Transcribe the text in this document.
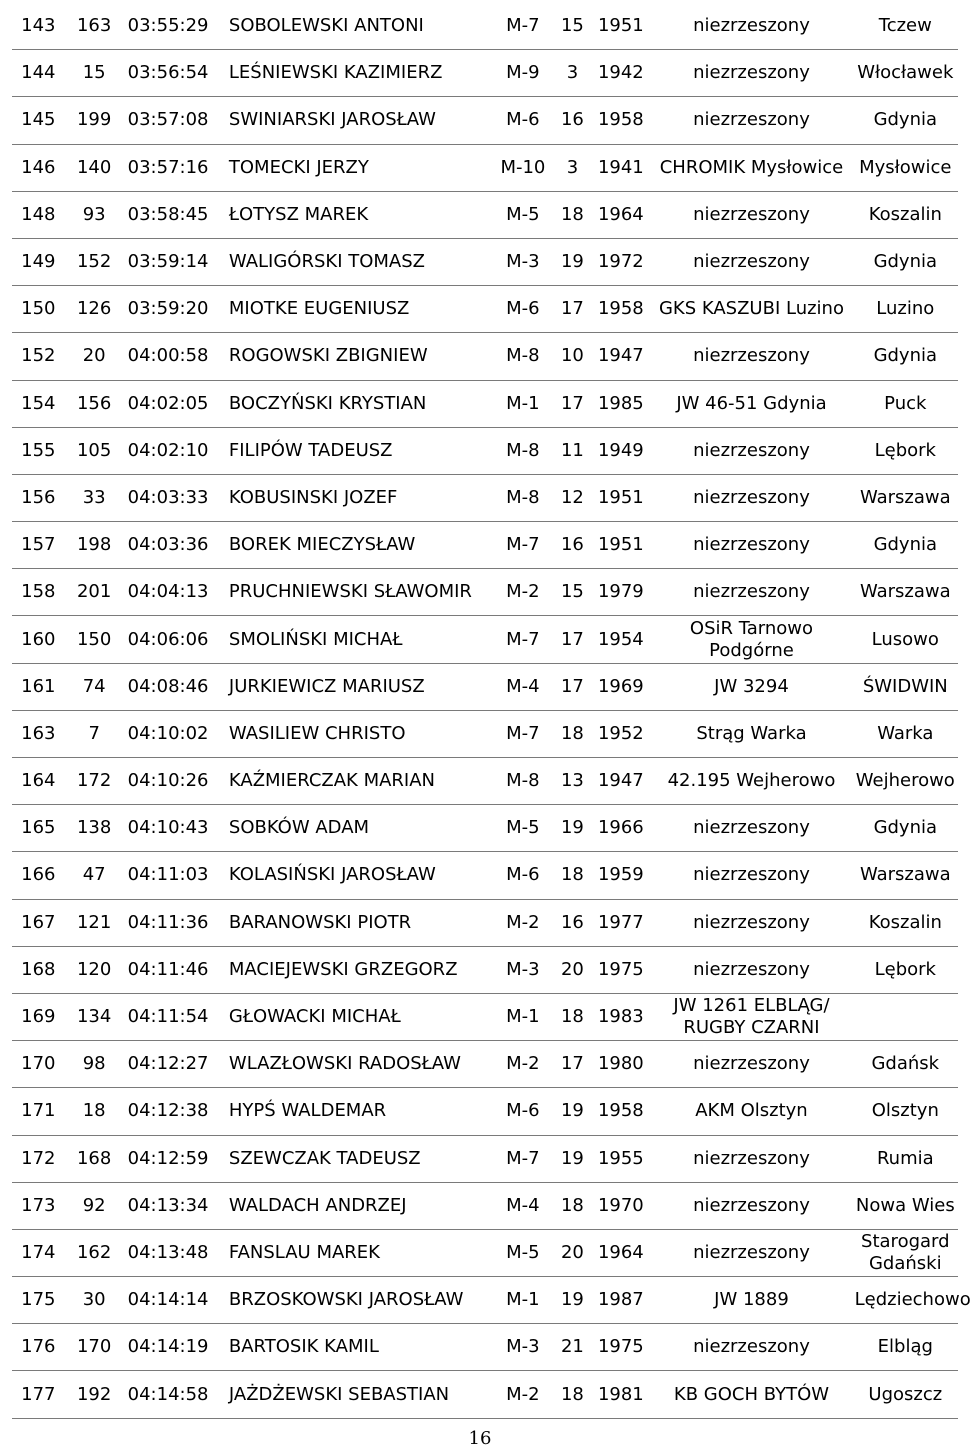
143	163	03:55:29	SOBOLEWSKI ANTONI	M-7	15	1951	niezrzeszony	Tczew
144	15	03:56:54	LEŚNIEWSKI KAZIMIERZ	M-9	3	1942	niezrzeszony	Włocławek
145	199	03:57:08	SWINIARSKI JAROSŁAW	M-6	16	1958	niezrzeszony	Gdynia
146	140	03:57:16	TOMECKI JERZY	M-10	3	1941	CHROMIK Mysłowice	Mysłowice
148	93	03:58:45	ŁOTYSZ MAREK	M-5	18	1964	niezrzeszony	Koszalin
149	152	03:59:14	WALIGÓRSKI TOMASZ	M-3	19	1972	niezrzeszony	Gdynia
150	126	03:59:20	MIOTKE EUGENIUSZ	M-6	17	1958	GKS KASZUBI Luzino	Luzino
152	20	04:00:58	ROGOWSKI ZBIGNIEW	M-8	10	1947	niezrzeszony	Gdynia
154	156	04:02:05	BOCZYŃSKI KRYSTIAN	M-1	17	1985	JW 46-51 Gdynia	Puck
155	105	04:02:10	FILIPÓW TADEUSZ	M-8	11	1949	niezrzeszony	Lębork
156	33	04:03:33	KOBUSINSKI JOZEF	M-8	12	1951	niezrzeszony	Warszawa
157	198	04:03:36	BOREK MIECZYSŁAW	M-7	16	1951	niezrzeszony	Gdynia
158	201	04:04:13	PRUCHNIEWSKI SŁAWOMIR	M-2	15	1979	niezrzeszony	Warszawa
160	150	04:06:06	SMOLIŃSKI MICHAŁ	M-7	17	1954	OSiR Tarnowo Podgórne	Lusowo
161	74	04:08:46	JURKIEWICZ MARIUSZ	M-4	17	1969	JW 3294	ŚWIDWIN
163	7	04:10:02	WASILIEW CHRISTO	M-7	18	1952	Strąg Warka	Warka
164	172	04:10:26	KAŹMIERCZAK MARIAN	M-8	13	1947	42.195 Wejherowo	Wejherowo
165	138	04:10:43	SOBKÓW ADAM	M-5	19	1966	niezrzeszony	Gdynia
166	47	04:11:03	KOLASIŃSKI JAROSŁAW	M-6	18	1959	niezrzeszony	Warszawa
167	121	04:11:36	BARANOWSKI PIOTR	M-2	16	1977	niezrzeszony	Koszalin
168	120	04:11:46	MACIEJEWSKI GRZEGORZ	M-3	20	1975	niezrzeszony	Lębork
169	134	04:11:54	GŁOWACKI MICHAŁ	M-1	18	1983	JW 1261 ELBLĄG/ RUGBY CZARNI	
170	98	04:12:27	WLAZŁOWSKI RADOSŁAW	M-2	17	1980	niezrzeszony	Gdańsk
171	18	04:12:38	HYPŚ WALDEMAR	M-6	19	1958	AKM Olsztyn	Olsztyn
172	168	04:12:59	SZEWCZAK TADEUSZ	M-7	19	1955	niezrzeszony	Rumia
173	92	04:13:34	WALDACH ANDRZEJ	M-4	18	1970	niezrzeszony	Nowa Wies
174	162	04:13:48	FANSLAU MAREK	M-5	20	1964	niezrzeszony	Starogard Gdański
175	30	04:14:14	BRZOSKOWSKI JAROSŁAW	M-1	19	1987	JW 1889	Lędziechowo
176	170	04:14:19	BARTOSIK KAMIL	M-3	21	1975	niezrzeszony	Elbląg
177	192	04:14:58	JAŻDŻEWSKI SEBASTIAN	M-2	18	1981	KB GOCH BYTÓW	Ugoszcz
16
